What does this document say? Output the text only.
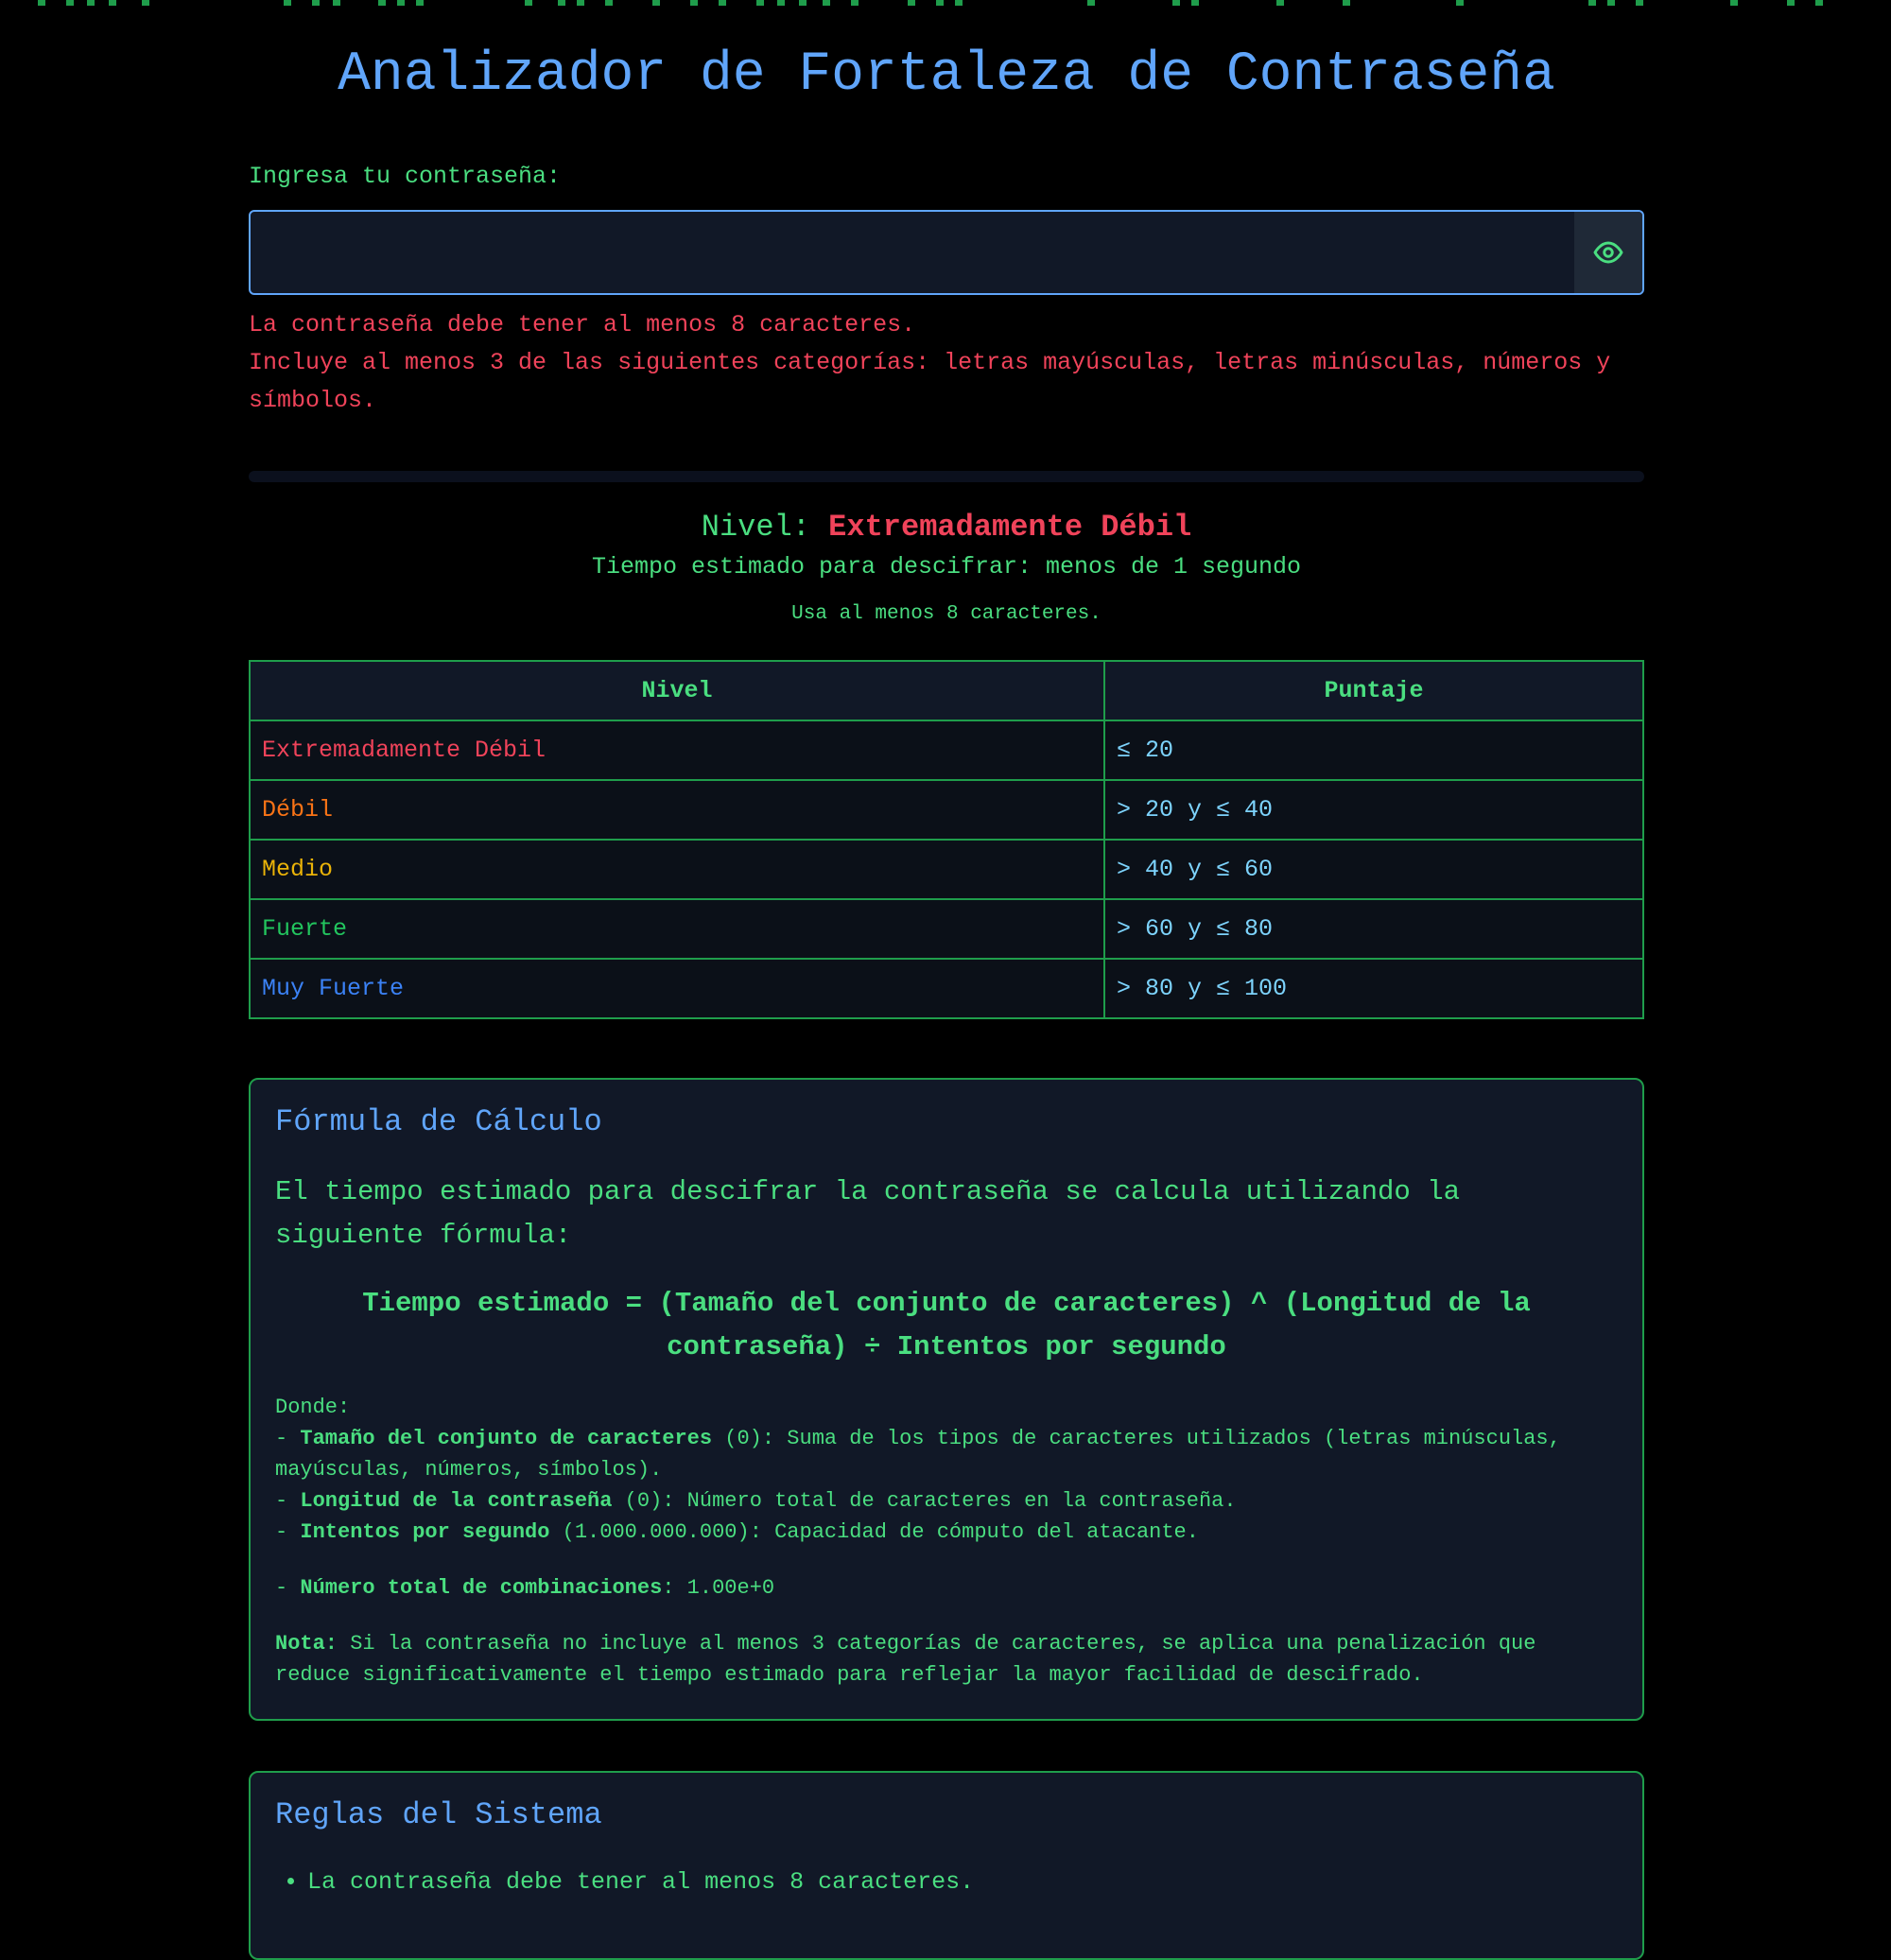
Analizador de Fortaleza de Contraseña
Ingresa tu contraseña:
La contraseña debe tener al menos 8 caracteres.
Incluye al menos 3 de las siguientes categorías: letras mayúsculas, letras minúsculas, números y símbolos.
Nivel: Extremadamente Débil
Tiempo estimado para descifrar: menos de 1 segundo
Usa al menos 8 caracteres.
Nivel	Puntaje
Extremadamente Débil	≤ 20
Débil	> 20 y ≤ 40
Medio	> 40 y ≤ 60
Fuerte	> 60 y ≤ 80
Muy Fuerte	> 80 y ≤ 100
Fórmula de Cálculo
El tiempo estimado para descifrar la contraseña se calcula utilizando la siguiente fórmula:
Tiempo estimado = (Tamaño del conjunto de caracteres) ^ (Longitud de la contraseña) ÷ Intentos por segundo
Donde:
- Tamaño del conjunto de caracteres (0): Suma de los tipos de caracteres utilizados (letras minúsculas, mayúsculas, números, símbolos).
- Longitud de la contraseña (0): Número total de caracteres en la contraseña.
- Intentos por segundo (1.000.000.000): Capacidad de cómputo del atacante.
- Número total de combinaciones: 1.00e+0
Nota: Si la contraseña no incluye al menos 3 categorías de caracteres, se aplica una penalización que reduce significativamente el tiempo estimado para reflejar la mayor facilidad de descifrado.
Reglas del Sistema
• La contraseña debe tener al menos 8 caracteres.
